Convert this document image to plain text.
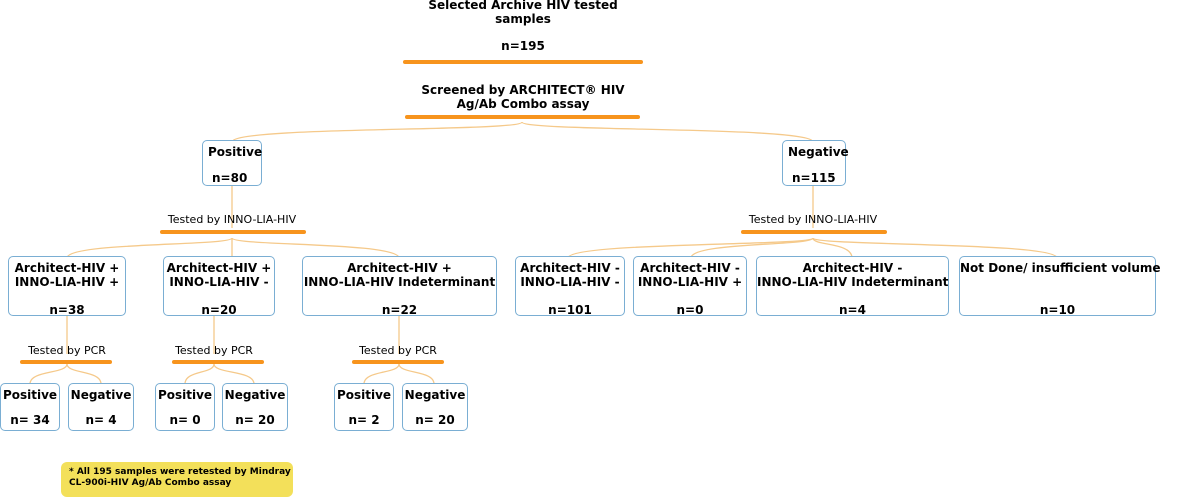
Selected Archive HIV tested
samples
n=195
Screened by ARCHITECT® HIV
Ag/Ab Combo assay
Positive
n=80
Negative
n=115
Tested by INNO-LIA-HIV	Tested by INNO-LIA-HIV
Architect-HIV +
INNO-LIA-HIV +
n=38
Architect-HIV +
INNO-LIA-HIV -
n=20
Architect-HIV +
INNO-LIA-HIV Indeterminant
n=22
Architect-HIV -
INNO-LIA-HIV -
n=101
Architect-HIV -
INNO-LIA-HIV +
n=0
Architect-HIV -
INNO-LIA-HIV Indeterminant
n=4
Not Done/ insufficient volume
n=10
Tested by PCR	Tested by PCR	Tested by PCR
Positive
n= 34
Negative
n= 4
Positive
n= 0
Negative
n= 20
Positive
n= 2
Negative
n= 20
* All 195 samples were retested by Mindray
CL-900i-HIV Ag/Ab Combo assay
